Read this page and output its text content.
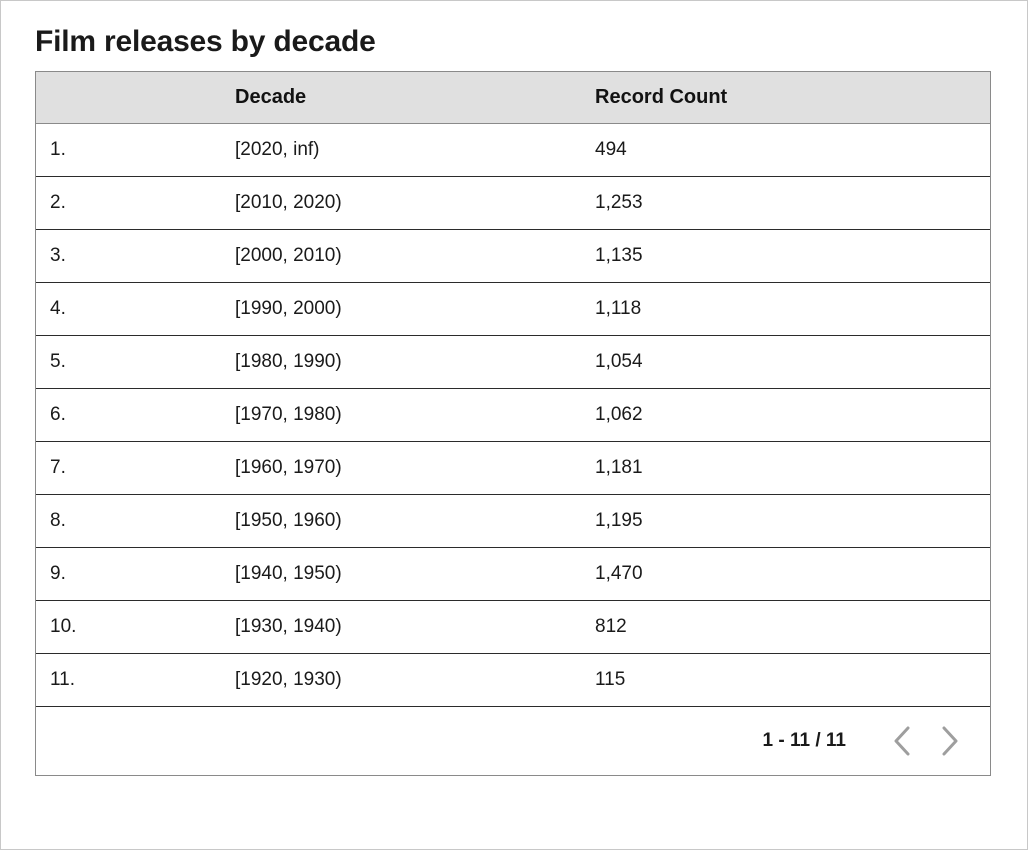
Film releases by decade
	Decade	Record Count
1.	[2020, inf)	494
2.	[2010, 2020)	1,253
3.	[2000, 2010)	1,135
4.	[1990, 2000)	1,118
5.	[1980, 1990)	1,054
6.	[1970, 1980)	1,062
7.	[1960, 1970)	1,181
8.	[1950, 1960)	1,195
9.	[1940, 1950)	1,470
10.	[1930, 1940)	812
11.	[1920, 1930)	115
1 - 11 / 11
